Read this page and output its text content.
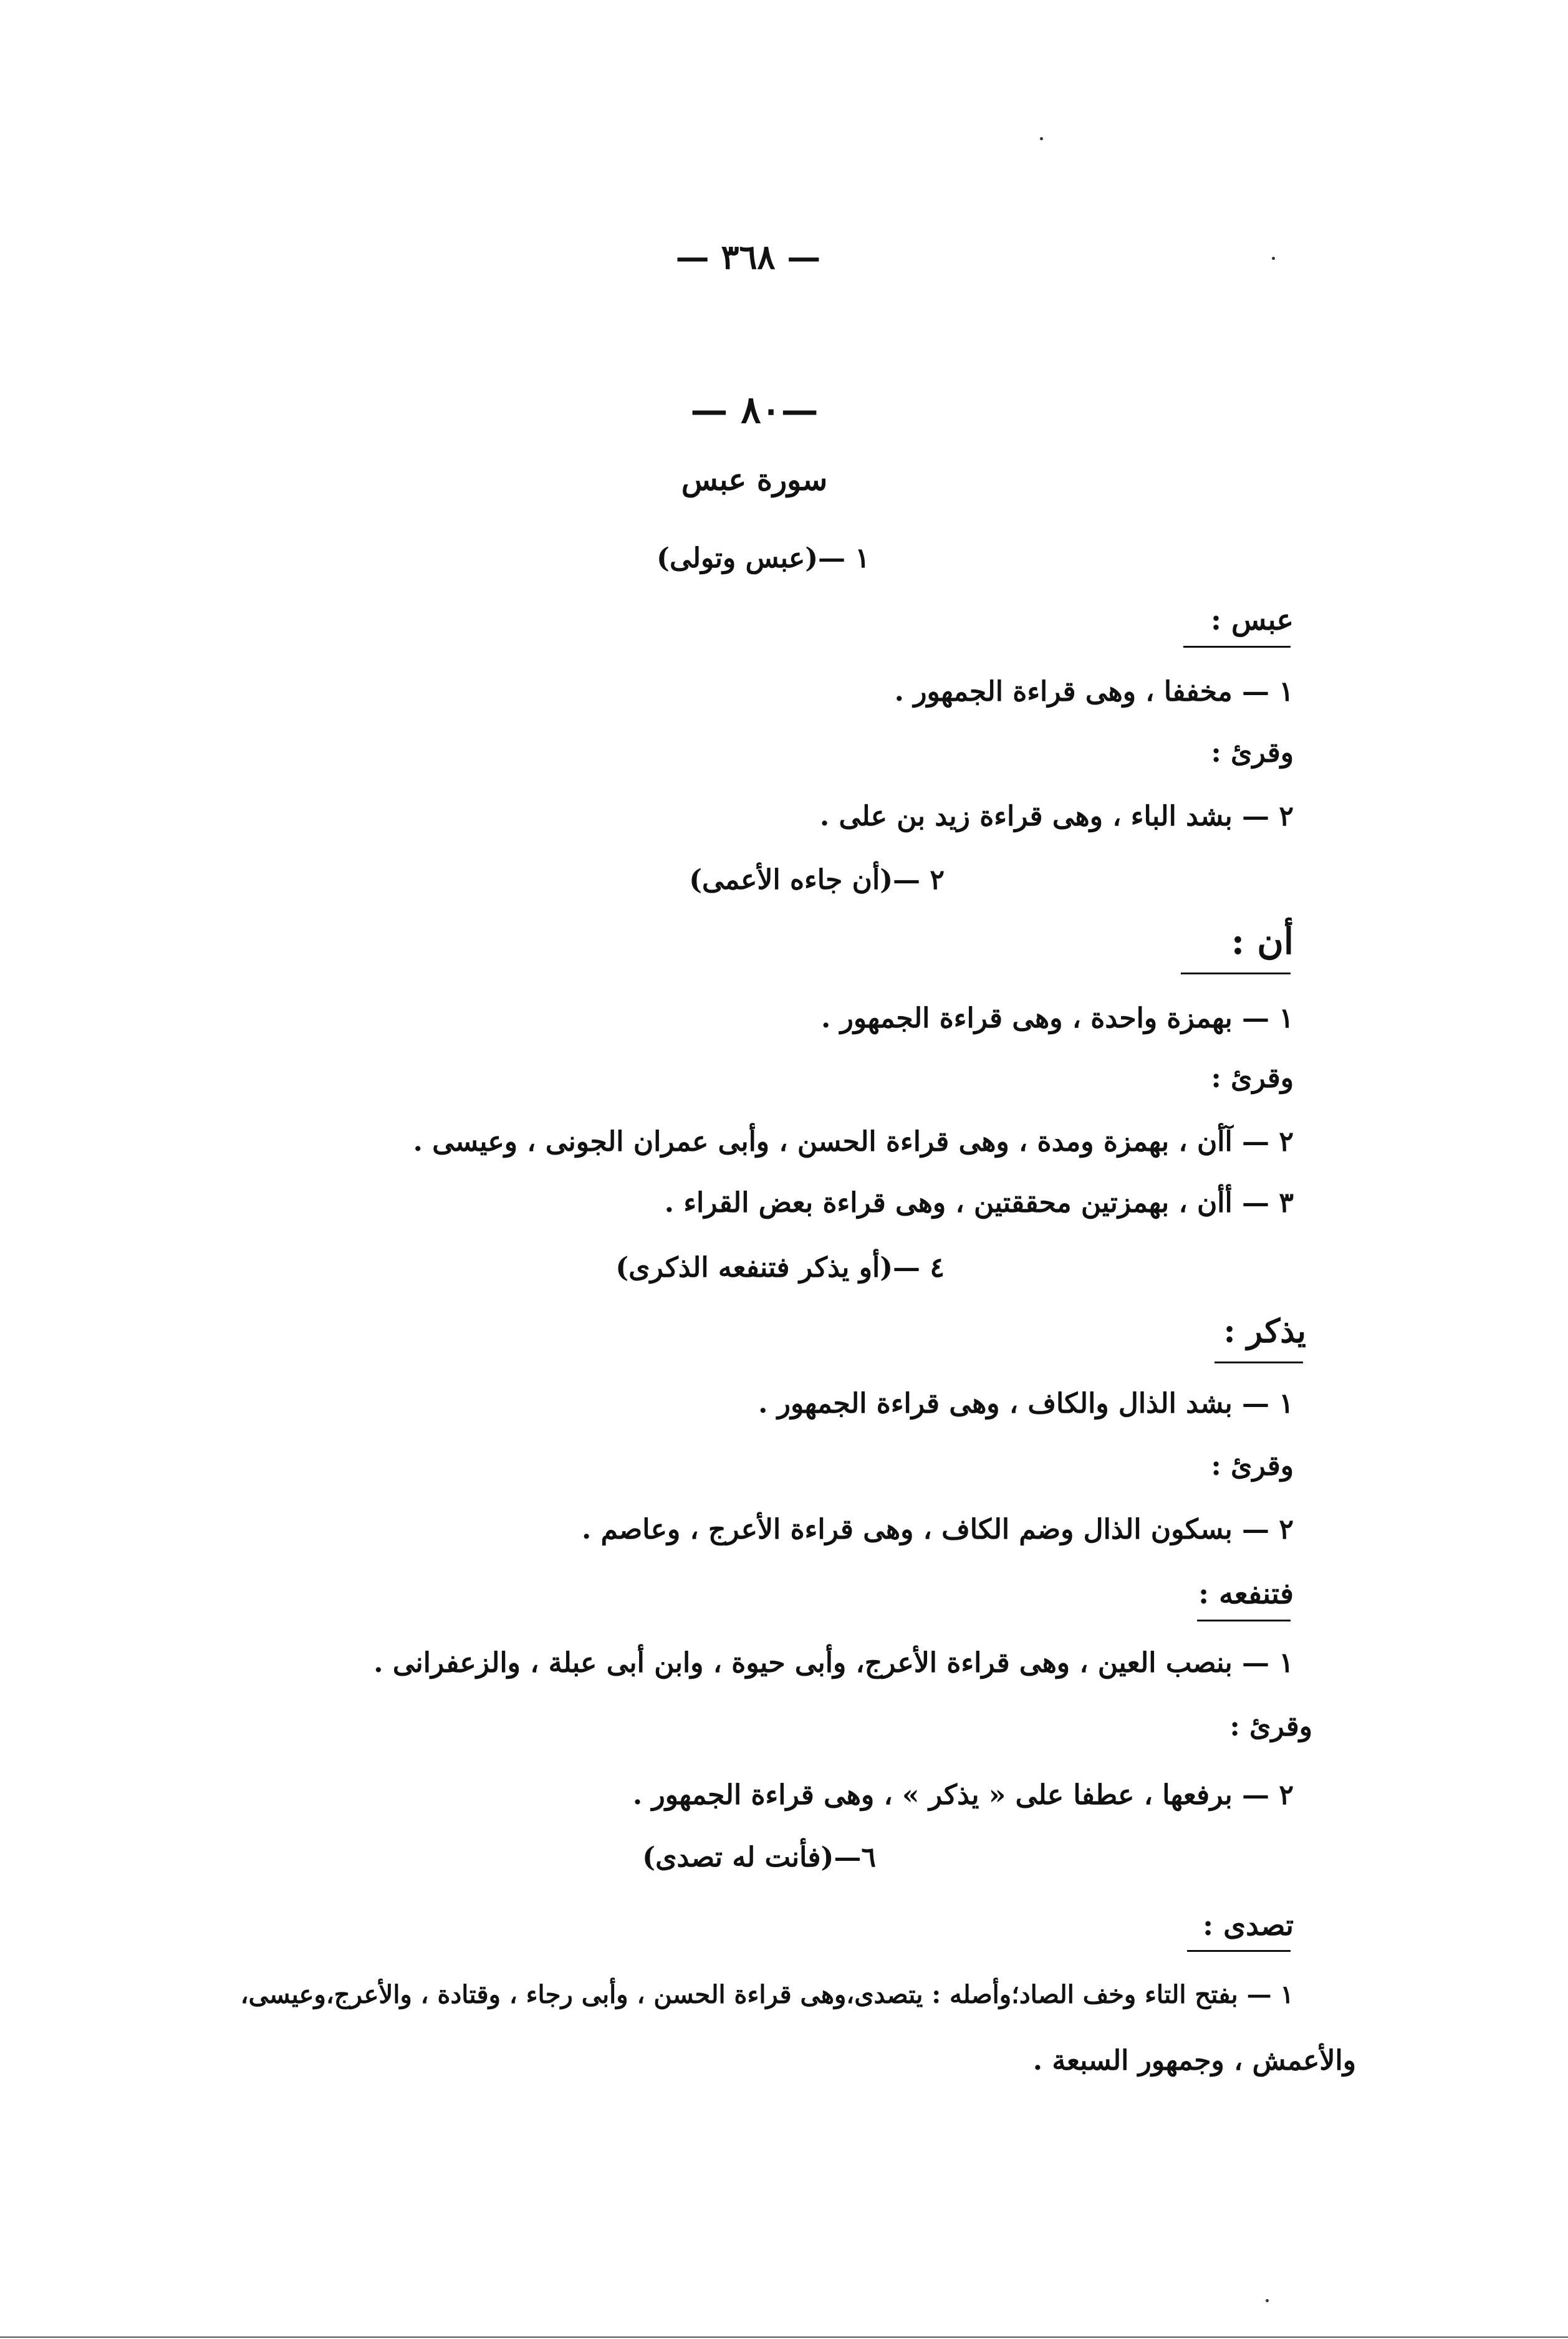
— ٣٦٨ —
—٨٠ —
سورة عبس
١ —(عبس وتولى)
عبس :
١ — مخففا ، وهى قراءة الجمهور .
وقرئ :
٢ — بشد الباء ، وهى قراءة زيد بن على .
٢ —(أن جاءه الأعمى)
أن :
١ — بهمزة واحدة ، وهى قراءة الجمهور .
وقرئ :
٢ — آأن ، بهمزة ومدة ، وهى قراءة الحسن ، وأبى عمران الجونى ، وعيسى .
٣ — أأن ، بهمزتين محققتين ، وهى قراءة بعض القراء .
٤ —(أو يذكر فتنفعه الذكرى)
يذكر :
١ — بشد الذال والكاف ، وهى قراءة الجمهور .
وقرئ :
٢ — بسكون الذال وضم الكاف ، وهى قراءة الأعرج ، وعاصم .
فتنفعه :
١ — بنصب العين ، وهى قراءة الأعرج، وأبى حيوة ، وابن أبى عبلة ، والزعفرانى .
وقرئ :
٢ — برفعها ، عطفا على « يذكر » ، وهى قراءة الجمهور .
٦—(فأنت له تصدى)
تصدى :
١ — بفتح التاء وخف الصاد؛وأصله : يتصدى،وهى قراءة الحسن ، وأبى رجاء ، وقتادة ، والأعرج،وعيسى،
والأعمش ، وجمهور السبعة .
